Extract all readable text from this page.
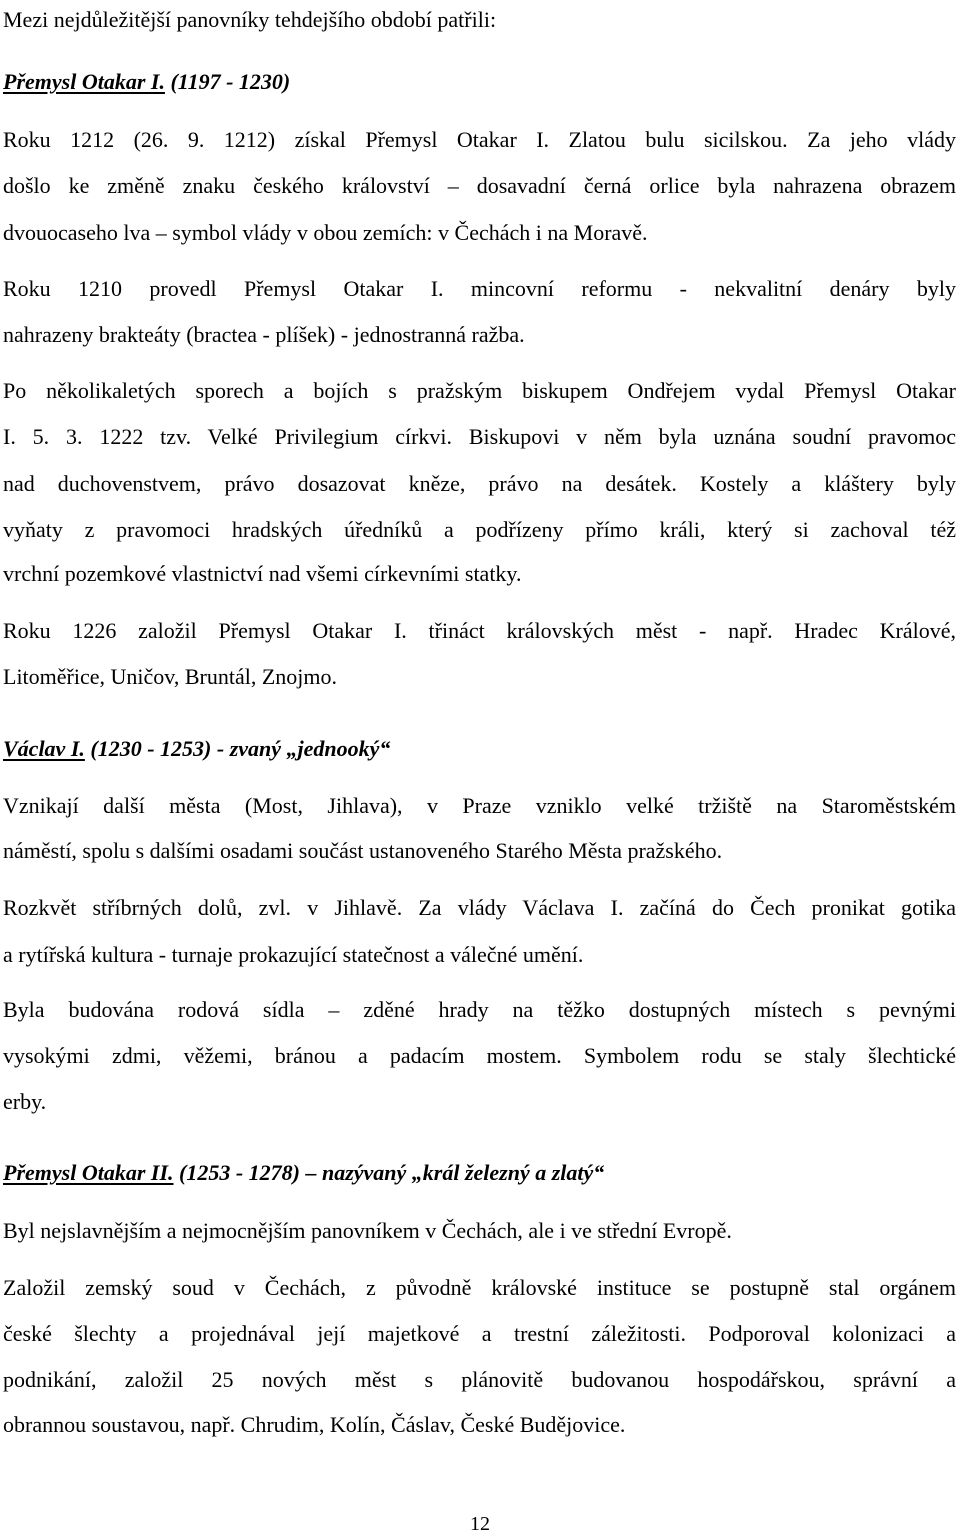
Mezi nejdůležitější panovníky tehdejšího období patřili:
Přemysl Otakar I. (1197 - 1230)
Roku 1212 (26. 9. 1212) získal Přemysl Otakar I. Zlatou bulu sicilskou. Za jeho vlády
došlo ke změně znaku českého království – dosavadní černá orlice byla nahrazena obrazem
dvouocaseho lva – symbol vlády v obou zemích: v Čechách i na Moravě.
Roku 1210 provedl Přemysl Otakar I. mincovní reformu - nekvalitní denáry byly
nahrazeny brakteáty (bractea - plíšek) - jednostranná ražba.
Po několikaletých sporech a bojích s pražským biskupem Ondřejem vydal Přemysl Otakar
I. 5. 3. 1222 tzv. Velké Privilegium církvi. Biskupovi v něm byla uznána soudní pravomoc
nad duchovenstvem, právo dosazovat kněze, právo na desátek. Kostely a kláštery byly
vyňaty z pravomoci hradských úředníků a podřízeny přímo králi, který si zachoval též
vrchní pozemkové vlastnictví nad všemi církevními statky.
Roku 1226 založil Přemysl Otakar I. třináct královských měst - např. Hradec Králové,
Litoměřice, Uničov, Bruntál, Znojmo.
Václav I. (1230 - 1253) - zvaný „jednooký“
Vznikají další města (Most, Jihlava), v Praze vzniklo velké tržiště na Staroměstském
náměstí, spolu s dalšími osadami součást ustanoveného Starého Města pražského.
Rozkvět stříbrných dolů, zvl. v Jihlavě. Za vlády Václava I. začíná do Čech pronikat gotika
a rytířská kultura - turnaje prokazující statečnost a válečné umění.
Byla budována rodová sídla – zděné hrady na těžko dostupných místech s pevnými
vysokými zdmi, věžemi, bránou a padacím mostem. Symbolem rodu se staly šlechtické
erby.
Přemysl Otakar II. (1253 - 1278) – nazývaný „král železný a zlatý“
Byl nejslavnějším a nejmocnějším panovníkem v Čechách, ale i ve střední Evropě.
Založil zemský soud v Čechách, z původně královské instituce se postupně stal orgánem
české šlechty a projednával její majetkové a trestní záležitosti. Podporoval kolonizaci a
podnikání, založil 25 nových měst s plánovitě budovanou hospodářskou, správní a
obrannou soustavou, např. Chrudim, Kolín, Čáslav, České Budějovice.
12
